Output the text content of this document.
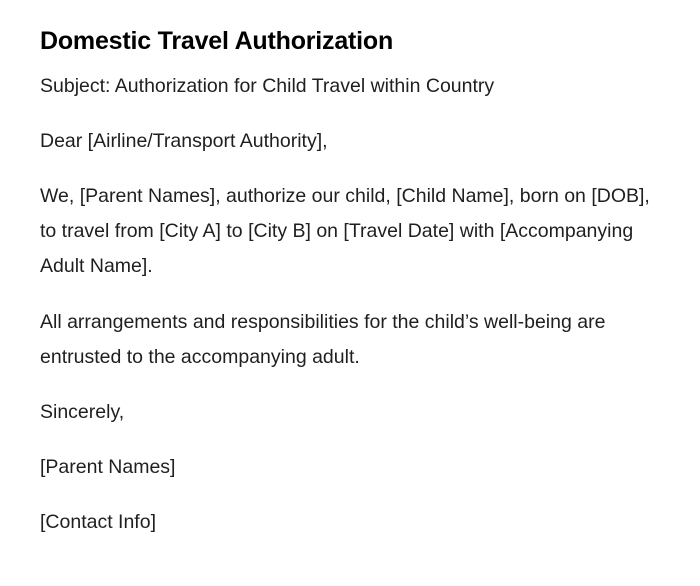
Domestic Travel Authorization

Subject: Authorization for Child Travel within Country

Dear [Airline/Transport Authority],

We, [Parent Names], authorize our child, [Child Name], born on [DOB], to travel from [City A] to [City B] on [Travel Date] with [Accompanying Adult Name].

All arrangements and responsibilities for the child’s well-being are entrusted to the accompanying adult.

Sincerely,

[Parent Names]

[Contact Info]
